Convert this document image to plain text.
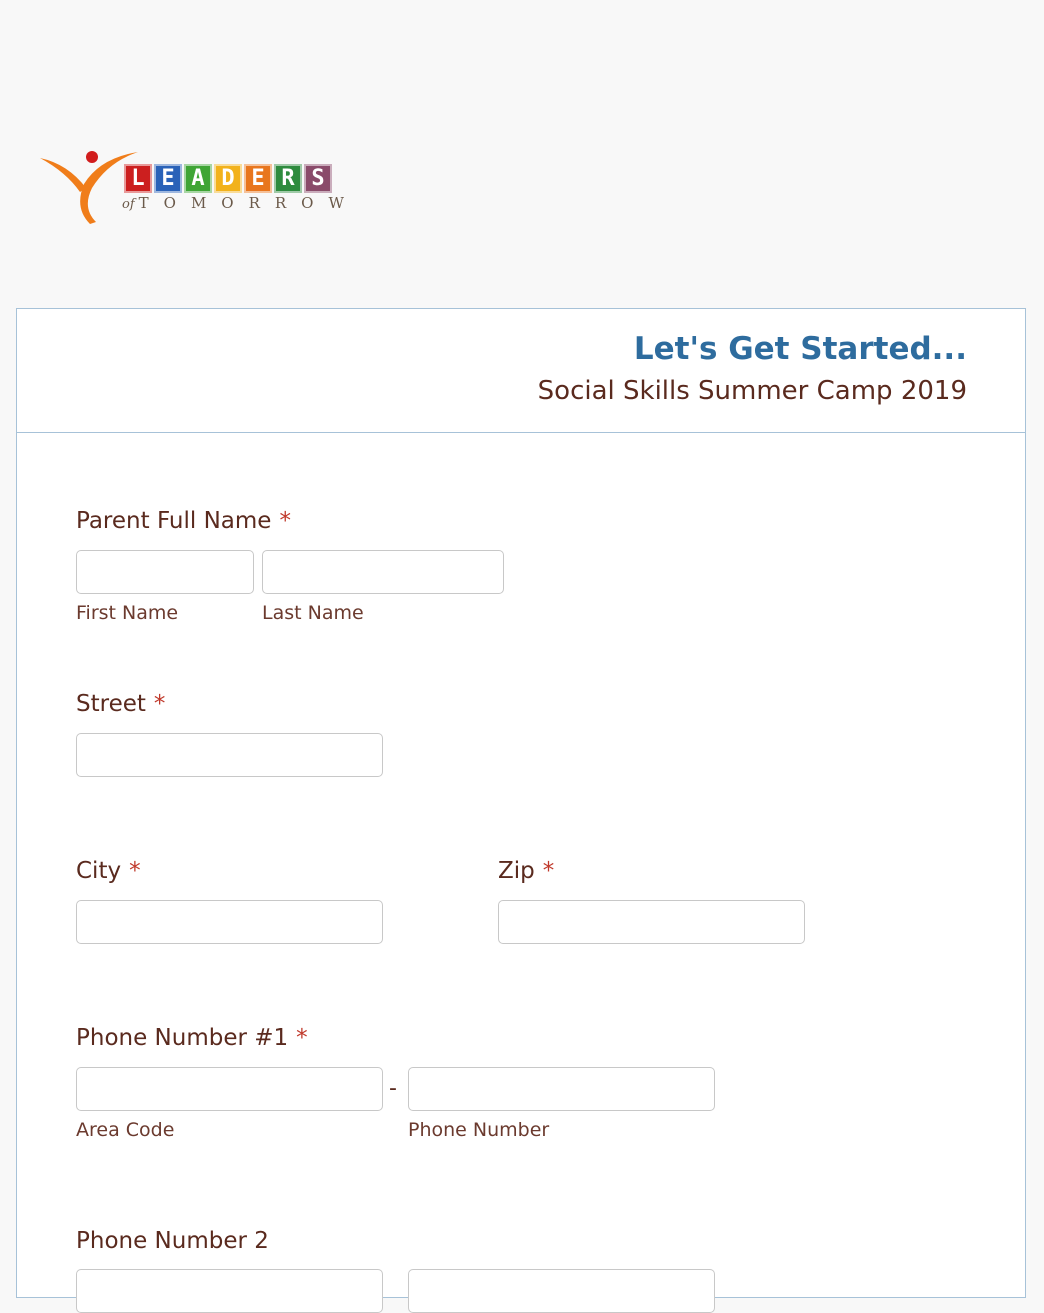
L E A D E R S
of TOMORROW
Let's Get Started...
Social Skills Summer Camp 2019
Parent Full Name *
First Name	Last Name
Street *
City *	Zip *
Phone Number #1 *
-
Area Code	Phone Number
Phone Number 2
